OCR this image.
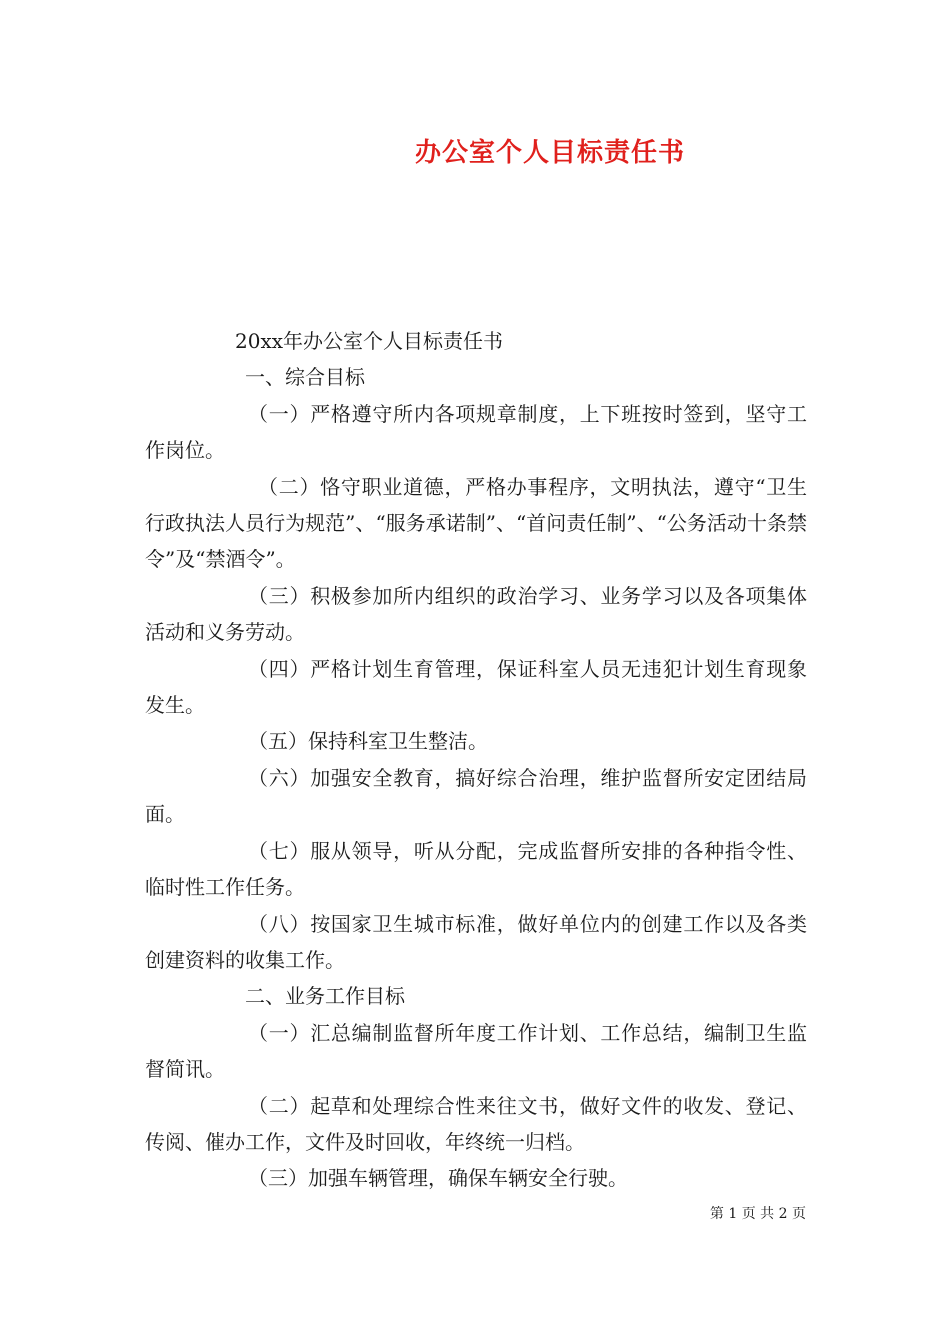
办公室个人目标责任书

20xx年办公室个人目标责任书

一、综合目标

（一）严格遵守所内各项规章制度，上下班按时签到，坚守工作岗位。

（二）恪守职业道德，严格办事程序，文明执法，遵守“卫生行政执法人员行为规范”、“服务承诺制”、“首问责任制”、“公务活动十条禁令”及“禁酒令”。

（三）积极参加所内组织的政治学习、业务学习以及各项集体活动和义务劳动。

（四）严格计划生育管理，保证科室人员无违犯计划生育现象发生。

（五）保持科室卫生整洁。

（六）加强安全教育，搞好综合治理，维护监督所安定团结局面。

（七）服从领导，听从分配，完成监督所安排的各种指令性、临时性工作任务。

（八）按国家卫生城市标准，做好单位内的创建工作以及各类创建资料的收集工作。

二、业务工作目标

（一）汇总编制监督所年度工作计划、工作总结，编制卫生监督简讯。

（二）起草和处理综合性来往文书，做好文件的收发、登记、传阅、催办工作，文件及时回收，年终统一归档。

（三）加强车辆管理，确保车辆安全行驶。

第 1 页 共 2 页
